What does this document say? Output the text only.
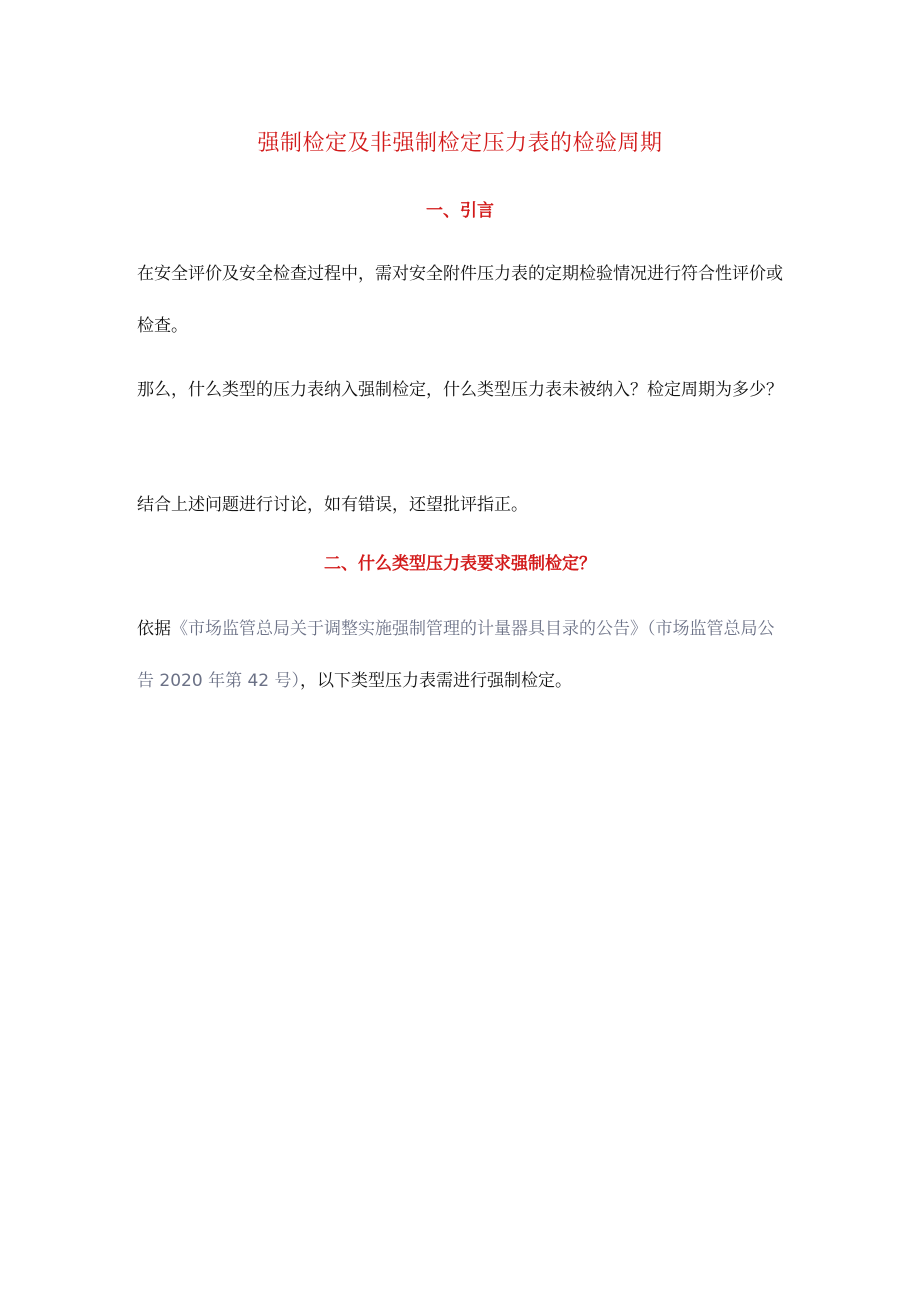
强制检定及非强制检定压力表的检验周期
一、引言

在安全评价及安全检查过程中，需对安全附件压力表的定期检验情况进行符合性评价或检查。

那么，什么类型的压力表纳入强制检定，什么类型压力表未被纳入？检定周期为多少？

结合上述问题进行讨论，如有错误，还望批评指正。

二、什么类型压力表要求强制检定？

依据《市场监管总局关于调整实施强制管理的计量器具目录的公告》（市场监管总局公告 2020 年第 42 号），以下类型压力表需进行强制检定。
